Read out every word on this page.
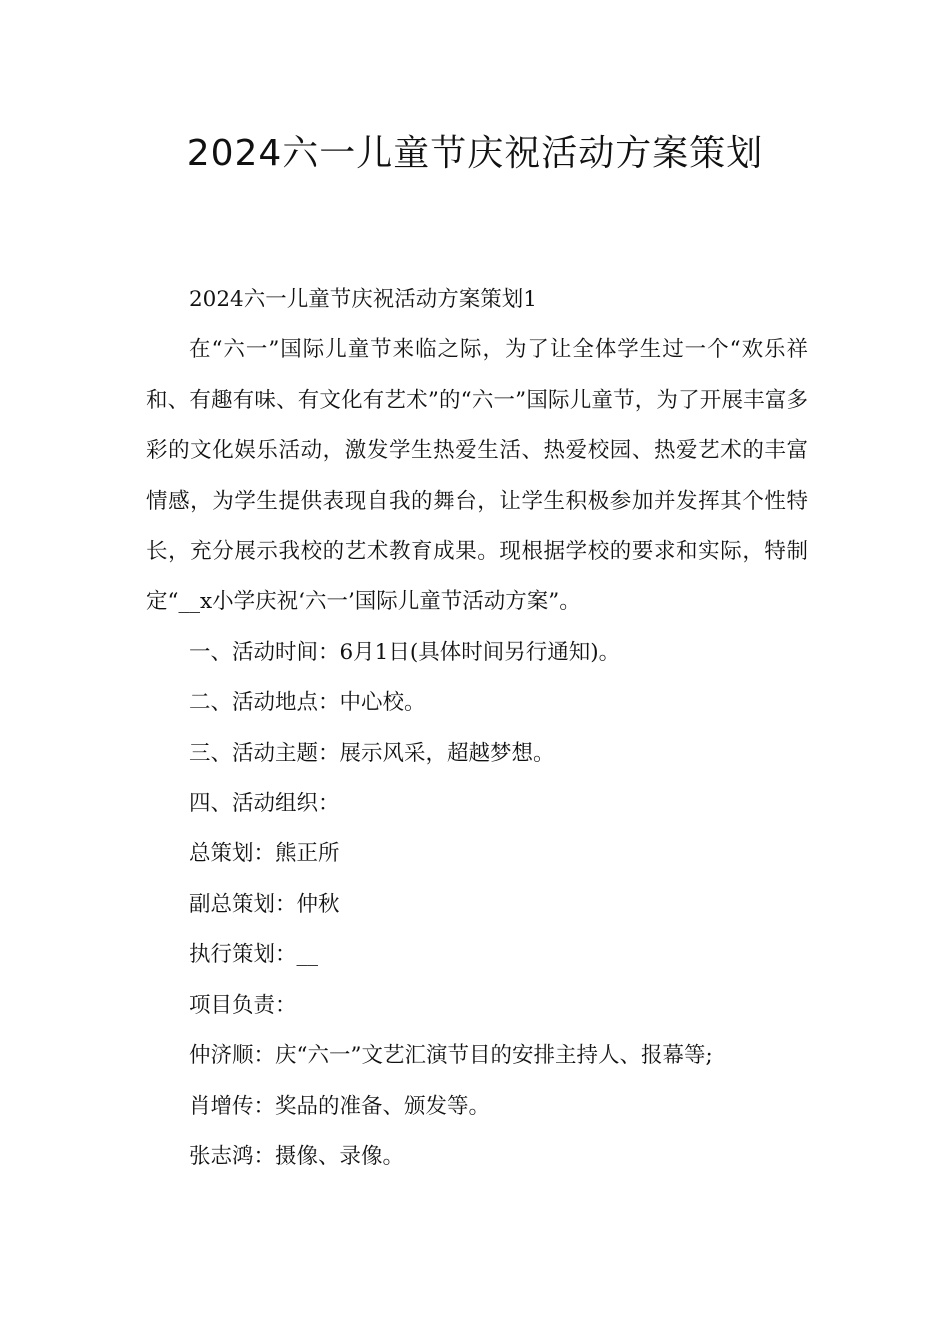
2024六一儿童节庆祝活动方案策划

2024六一儿童节庆祝活动方案策划1

在“六一”国际儿童节来临之际，为了让全体学生过一个“欢乐祥和、有趣有味、有文化有艺术”的“六一”国际儿童节，为了开展丰富多彩的文化娱乐活动，激发学生热爱生活、热爱校园、热爱艺术的丰富情感，为学生提供表现自我的舞台，让学生积极参加并发挥其个性特长，充分展示我校的艺术教育成果。现根据学校的要求和实际，特制定“__x小学庆祝‘六一’国际儿童节活动方案”。

一、活动时间：6月1日(具体时间另行通知)。

二、活动地点：中心校。

三、活动主题：展示风采，超越梦想。

四、活动组织：

总策划：熊正所

副总策划：仲秋

执行策划：__

项目负责：

仲济顺：庆“六一”文艺汇演节目的安排主持人、报幕等;

肖增传：奖品的准备、颁发等。

张志鸿：摄像、录像。
